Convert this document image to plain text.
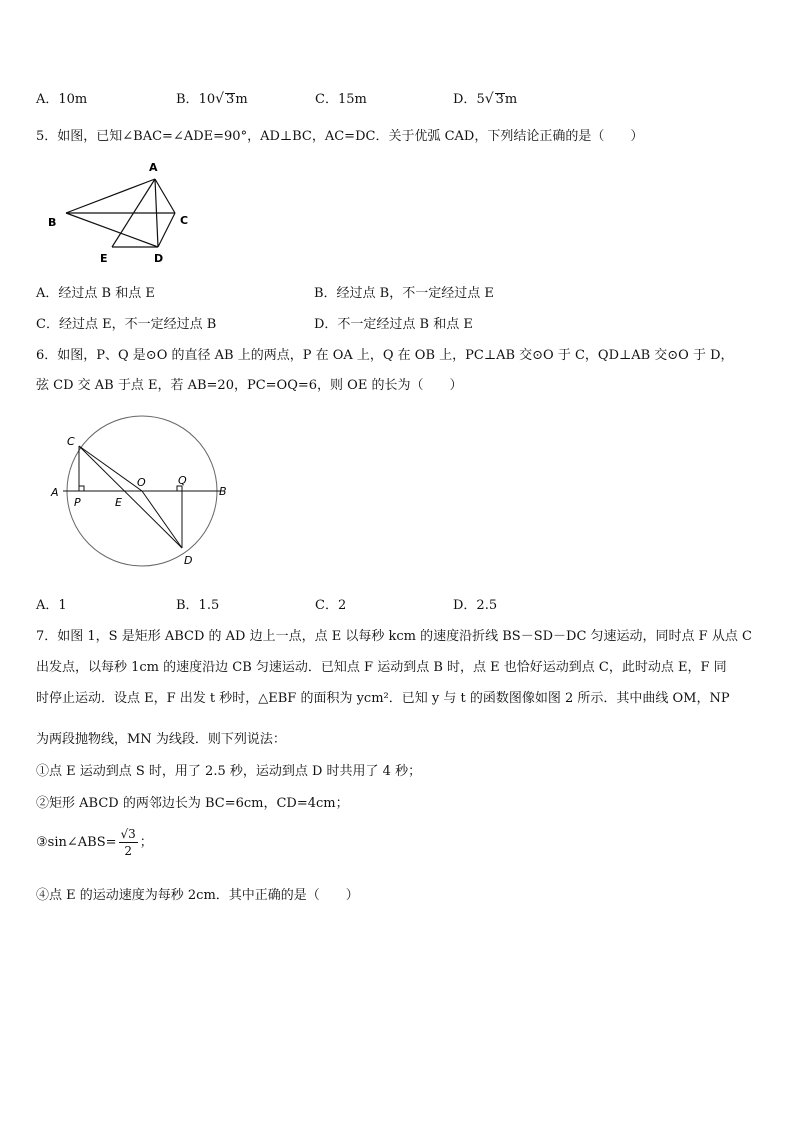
A．10m	B．10√ 3m	C．15m	D．5√ 3m
5．如图，已知∠BAC=∠ADE=90°，AD⊥BC，AC=DC．关于优弧 CAD，下列结论正确的是（　　）
A
B	C
D
E
A．经过点 B 和点 E	B．经过点 B，不一定经过点 E
C．经过点 E，不一定经过点 B	D．不一定经过点 B 和点 E
6．如图，P、Q 是⊙O 的直径 AB 上的两点，P 在 OA 上，Q 在 OB 上，PC⊥AB 交⊙O 于 C，QD⊥AB 交⊙O 于 D，
弦 CD 交 AB 于点 E，若 AB=20，PC=OQ=6，则 OE 的长为（　　）
C
A
P	E
O	Q
B
D
A．1	B．1.5	C．2	D．2.5
7．如图 1，S 是矩形 ABCD 的 AD 边上一点，点 E 以每秒 kcm 的速度沿折线 BS－SD－DC 匀速运动，同时点 F 从点 C
出发点，以每秒 1cm 的速度沿边 CB 匀速运动．已知点 F 运动到点 B 时，点 E 也恰好运动到点 C，此时动点 E，F 同
时停止运动．设点 E，F 出发 t 秒时，△EBF 的面积为 ycm²．已知 y 与 t 的函数图像如图 2 所示．其中曲线 OM，NP
为两段抛物线，MN 为线段．则下列说法：
①点 E 运动到点 S 时，用了 2.5 秒，运动到点 D 时共用了 4 秒；
②矩形 ABCD 的两邻边长为 BC=6cm，CD=4cm；
③sin∠ABS= $\frac{√3}{2}$ ；
④点 E 的运动速度为每秒 2cm．其中正确的是（　　）
